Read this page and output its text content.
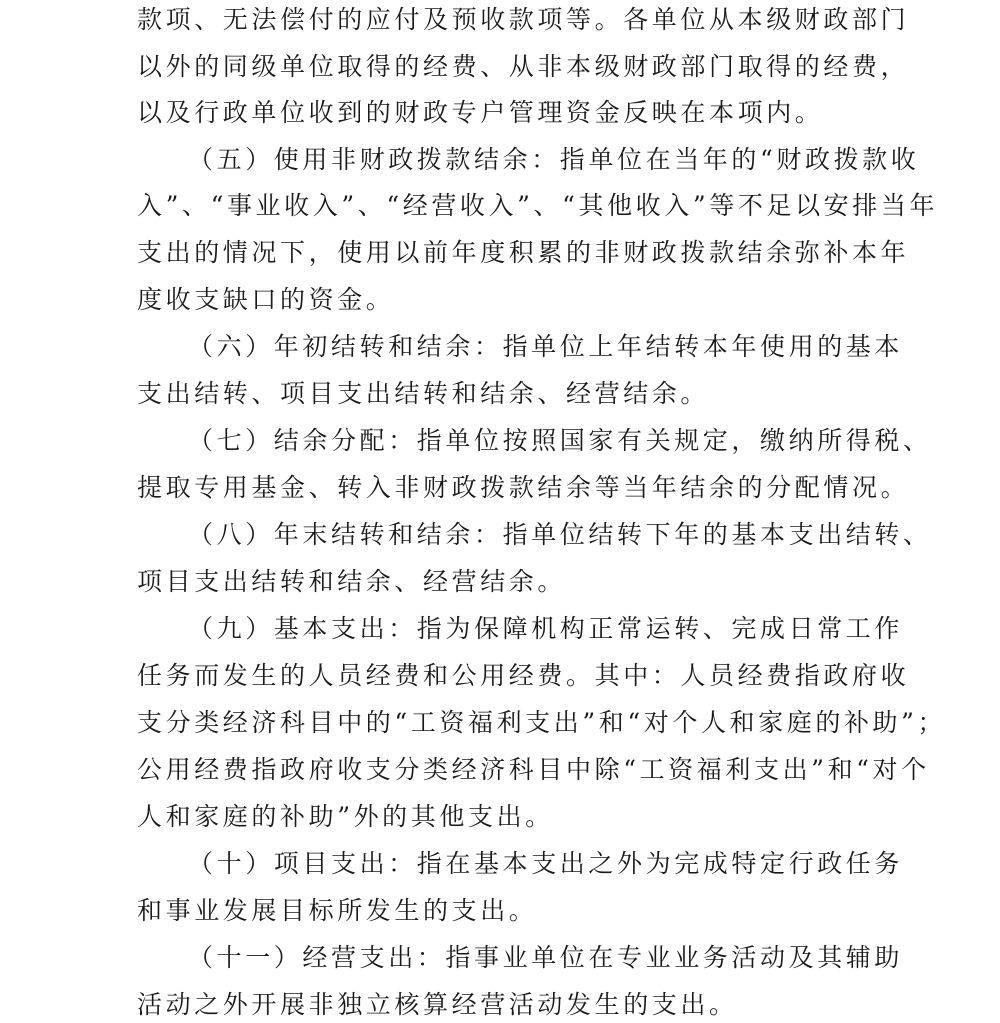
款项、无法偿付的应付及预收款项等。各单位从本级财政部门
以外的同级单位取得的经费、从非本级财政部门取得的经费，
以及行政单位收到的财政专户管理资金反映在本项内。
（五）使用非财政拨款结余：指单位在当年的“财政拨款收
入”、“事业收入”、“经营收入”、“其他收入”等不足以安排当年
支出的情况下，使用以前年度积累的非财政拨款结余弥补本年
度收支缺口的资金。
（六）年初结转和结余：指单位上年结转本年使用的基本
支出结转、项目支出结转和结余、经营结余。
（七）结余分配：指单位按照国家有关规定，缴纳所得税、
提取专用基金、转入非财政拨款结余等当年结余的分配情况。
（八）年末结转和结余：指单位结转下年的基本支出结转、
项目支出结转和结余、经营结余。
（九）基本支出：指为保障机构正常运转、完成日常工作
任务而发生的人员经费和公用经费。其中：人员经费指政府收
支分类经济科目中的“工资福利支出”和“对个人和家庭的补助”；
公用经费指政府收支分类经济科目中除“工资福利支出”和“对个
人和家庭的补助”外的其他支出。
（十）项目支出：指在基本支出之外为完成特定行政任务
和事业发展目标所发生的支出。
（十一）经营支出：指事业单位在专业业务活动及其辅助
活动之外开展非独立核算经营活动发生的支出。
